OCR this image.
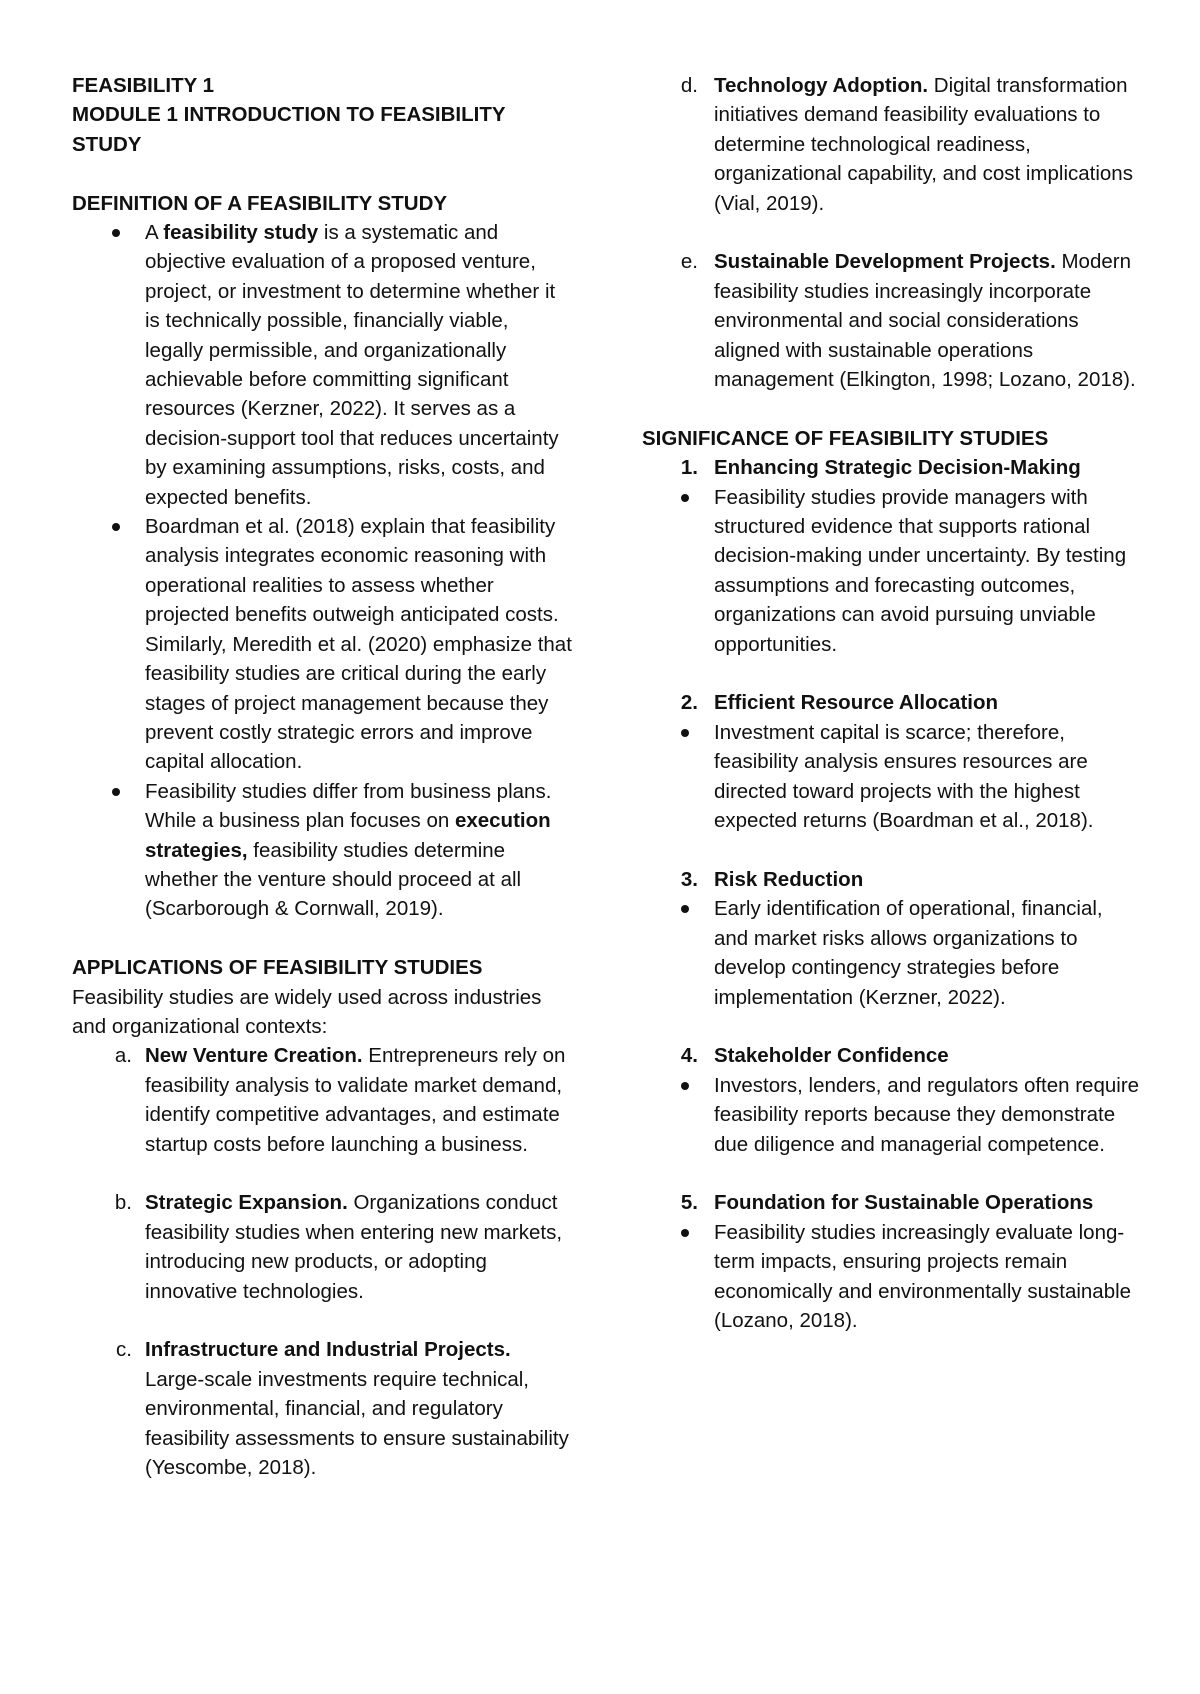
FEASIBILITY 1
MODULE 1 INTRODUCTION TO FEASIBILITY STUDY
DEFINITION OF A FEASIBILITY STUDY
A feasibility study is a systematic and objective evaluation of a proposed venture, project, or investment to determine whether it is technically possible, financially viable, legally permissible, and organizationally achievable before committing significant resources (Kerzner, 2022). It serves as a decision-support tool that reduces uncertainty by examining assumptions, risks, costs, and expected benefits.
Boardman et al. (2018) explain that feasibility analysis integrates economic reasoning with operational realities to assess whether projected benefits outweigh anticipated costs. Similarly, Meredith et al. (2020) emphasize that feasibility studies are critical during the early stages of project management because they prevent costly strategic errors and improve capital allocation.
Feasibility studies differ from business plans. While a business plan focuses on execution strategies, feasibility studies determine whether the venture should proceed at all (Scarborough & Cornwall, 2019).
APPLICATIONS OF FEASIBILITY STUDIES
Feasibility studies are widely used across industries and organizational contexts:
a. New Venture Creation. Entrepreneurs rely on feasibility analysis to validate market demand, identify competitive advantages, and estimate startup costs before launching a business.
b. Strategic Expansion. Organizations conduct feasibility studies when entering new markets, introducing new products, or adopting innovative technologies.
c. Infrastructure and Industrial Projects. Large-scale investments require technical, environmental, financial, and regulatory feasibility assessments to ensure sustainability (Yescombe, 2018).
d. Technology Adoption. Digital transformation initiatives demand feasibility evaluations to determine technological readiness, organizational capability, and cost implications (Vial, 2019).
e. Sustainable Development Projects. Modern feasibility studies increasingly incorporate environmental and social considerations aligned with sustainable operations management (Elkington, 1998; Lozano, 2018).
SIGNIFICANCE OF FEASIBILITY STUDIES
1. Enhancing Strategic Decision-Making
Feasibility studies provide managers with structured evidence that supports rational decision-making under uncertainty. By testing assumptions and forecasting outcomes, organizations can avoid pursuing unviable opportunities.
2. Efficient Resource Allocation
Investment capital is scarce; therefore, feasibility analysis ensures resources are directed toward projects with the highest expected returns (Boardman et al., 2018).
3. Risk Reduction
Early identification of operational, financial, and market risks allows organizations to develop contingency strategies before implementation (Kerzner, 2022).
4. Stakeholder Confidence
Investors, lenders, and regulators often require feasibility reports because they demonstrate due diligence and managerial competence.
5. Foundation for Sustainable Operations
Feasibility studies increasingly evaluate long-term impacts, ensuring projects remain economically and environmentally sustainable (Lozano, 2018).
